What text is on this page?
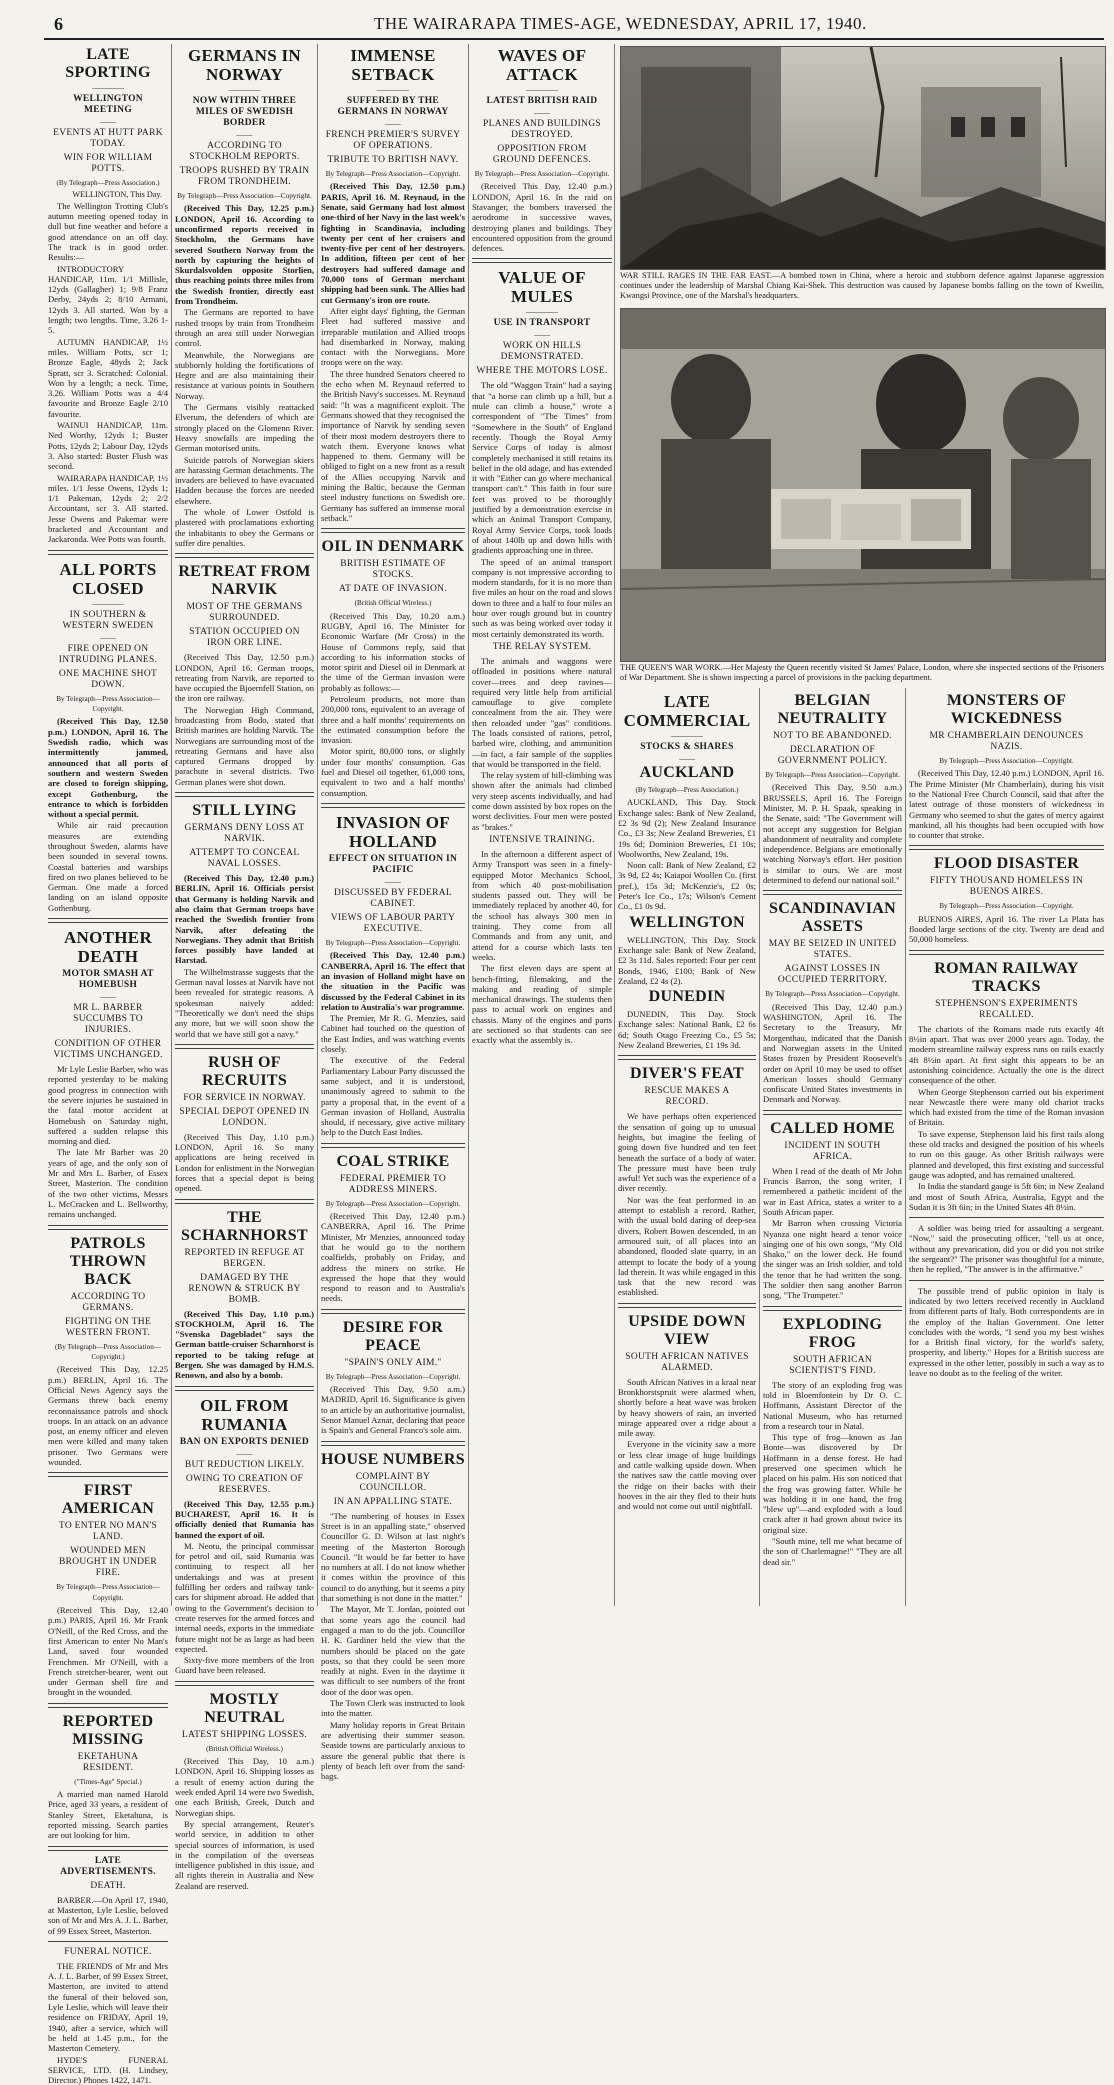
6	THE WAIRARAPA TIMES-AGE, WEDNESDAY, APRIL 17, 1940.
LATE SPORTING
————
WELLINGTON MEETING
——
EVENTS AT HUTT PARK TODAY.
WIN FOR WILLIAM POTTS.
(By Telegraph—Press Association.)
WELLINGTON, This Day.

The Wellington Trotting Club's autumn meeting opened today in dull but fine weather and before a good attendance on an off day. The track is in good order. Results:—

INTRODUCTORY HANDICAP, 11m. 1/1 Millisle, 12yds (Gallagher) 1; 9/8 Franz Derby, 24yds 2; 8/10 Armani, 12yds 3. All started. Won by a length; two lengths. Time, 3.26 1-5.

AUTUMN HANDICAP, 1½ miles. William Potts, scr 1; Bronze Eagle, 48yds 2; Jack Spratt, scr 3. Scratched: Colonial. Won by a length; a neck. Time, 3.26. William Potts was a 4/4 favourite and Bronze Eagle 2/10 favourite.

WAINUI HANDICAP, 11m. Ned Worthy, 12yds 1; Buster Potts, 12yds 2; Labour Day, 12yds 3. Also started: Buster Flush was second.

WAIRARAPA HANDICAP, 1½ miles. 1/1 Jesse Owens, 12yds 1; 1/1 Pakeman, 12yds 2; 2/2 Accountant, scr 3. All started. Jesse Owens and Pakemar were bracketed and Accountant and Jackaronda. Wee Potts was fourth.

ALL PORTS CLOSED
————
IN SOUTHERN & WESTERN SWEDEN
——
FIRE OPENED ON INTRUDING PLANES.
ONE MACHINE SHOT DOWN.
By Telegraph—Press Association—Copyright.

(Received This Day, 12.50 p.m.) LONDON, April 16. The Swedish radio, which was intermittently jammed, announced that all ports of southern and western Sweden are closed to foreign shipping, except Gothenburg, the entrance to which is forbidden without a special permit.

While air raid precaution measures are extending throughout Sweden, alarms have been sounded in several towns. Coastal batteries and warships fired on two planes believed to be German. One made a forced landing on an island opposite Gothenburg.

ANOTHER DEATH
MOTOR SMASH AT HOMEBUSH
——
MR L. BARBER SUCCUMBS TO INJURIES.
CONDITION OF OTHER VICTIMS UNCHANGED.

Mr Lyle Leslie Barber, who was reported yesterday to be making good progress in connection with the severe injuries he sustained in the fatal motor accident at Homebush on Saturday night, suffered a sudden relapse this morning and died.

The late Mr Barber was 20 years of age, and the only son of Mr and Mrs L. Barber, of Essex Street, Masterton. The condition of the two other victims, Messrs L. McCracken and L. Bellworthy, remains unchanged.

PATROLS THROWN BACK
ACCORDING TO GERMANS.
FIGHTING ON THE WESTERN FRONT.
(By Telegraph—Press Association—Copyright.)

(Received This Day, 12.25 p.m.) BERLIN, April 16. The Official News Agency says the Germans threw back enemy reconnaissance patrols and shock troops. In an attack on an advance post, an enemy officer and eleven men were killed and many taken prisoner. Two Germans were wounded.

FIRST AMERICAN
TO ENTER NO MAN'S LAND.
WOUNDED MEN BROUGHT IN UNDER FIRE.
By Telegraph—Press Association—Copyright.

(Received This Day, 12.40 p.m.) PARIS, April 16. Mr Frank O'Neill, of the Red Cross, and the first American to enter No Man's Land, saved four wounded Frenchmen. Mr O'Neill, with a French stretcher-bearer, went out under German shell fire and brought in the wounded.

REPORTED MISSING
EKETAHUNA RESIDENT.
("Times-Age" Special.)

A married man named Harold Price, aged 33 years, a resident of Stanley Street, Eketahuna, is reported missing. Search parties are out looking for him.

LATE ADVERTISEMENTS.
DEATH.

BARBER.—On April 17, 1940, at Masterton, Lyle Leslie, beloved son of Mr and Mrs A. J. L. Barber, of 99 Essex Street, Masterton.

FUNERAL NOTICE.

THE FRIENDS of Mr and Mrs A. J. L. Barber, of 99 Essex Street, Masterton, are invited to attend the funeral of their beloved son, Lyle Leslie, which will leave their residence on FRIDAY, April 19, 1940, after a service, which will be held at 1.45 p.m., for the Masterton Cemetery.

HYDE'S FUNERAL SERVICE, LTD. (H. Lindsey, Director.) Phones 1422, 1471.

GERMANS IN NORWAY
————
NOW WITHIN THREE MILES OF SWEDISH BORDER
——
ACCORDING TO STOCKHOLM REPORTS.
TROOPS RUSHED BY TRAIN FROM TRONDHEIM.
By Telegraph—Press Association—Copyright.

(Received This Day, 12.25 p.m.) LONDON, April 16. According to unconfirmed reports received in Stockholm, the Germans have severed Southern Norway from the north by capturing the heights of Skurdalsvolden opposite Storlien, thus reaching points three miles from the Swedish frontier, directly east from Trondheim.

The Germans are reported to have rushed troops by train from Trondheim through an area still under Norwegian control.

Meanwhile, the Norwegians are stubbornly holding the fortifications of Hegre and are also maintaining their resistance at various points in Southern Norway.

The Germans visibly reattacked Elverum, the defenders of which are strongly placed on the Glomenn River. Heavy snowfalls are impeding the German motorised units.

Suicide patrols of Norwegian skiers are harassing German detachments. The invaders are believed to have evacuated Hadden because the forces are needed elsewhere.

The whole of Lower Ostfold is plastered with proclamations exhorting the inhabitants to obey the Germans or suffer dire penalties.

RETREAT FROM NARVIK
MOST OF THE GERMANS SURROUNDED.
STATION OCCUPIED ON IRON ORE LINE.

(Received This Day, 12.50 p.m.) LONDON, April 16. German troops, retreating from Narvik, are reported to have occupied the Bjoernfell Station, on the iron ore railway.

The Norwegian High Command, broadcasting from Bodo, stated that British marines are holding Narvik. The Norwegians are surrounding most of the retreating Germans and have also captured Germans dropped by parachute in several districts. Two German planes were shot down.

STILL LYING
GERMANS DENY LOSS AT NARVIK.
ATTEMPT TO CONCEAL NAVAL LOSSES.

(Received This Day, 12.40 p.m.) BERLIN, April 16. Officials persist that Germany is holding Narvik and also claim that German troops have reached the Swedish frontier from Narvik, after defeating the Norwegians. They admit that British forces possibly have landed at Harstad.

The Wilhelmstrasse suggests that the German naval losses at Narvik have not been revealed for strategic reasons. A spokesman naively added: "Theoretically we don't need the ships any more, but we will soon show the world that we have still got a navy."

RUSH OF RECRUITS
FOR SERVICE IN NORWAY.
SPECIAL DEPOT OPENED IN LONDON.

(Received This Day, 1.10 p.m.) LONDON, April 16. So many applications are being received in London for enlistment in the Norwegian forces that a special depot is being opened.

THE SCHARNHORST
REPORTED IN REFUGE AT BERGEN.
DAMAGED BY THE RENOWN & STRUCK BY BOMB.

(Received This Day, 1.10 p.m.) STOCKHOLM, April 16. The "Svenska Dagebladet" says the German battle-cruiser Scharnhorst is reported to be taking refuge at Bergen. She was damaged by H.M.S. Renown, and also by a bomb.

OIL FROM RUMANIA
BAN ON EXPORTS DENIED
——
BUT REDUCTION LIKELY.
OWING TO CREATION OF RESERVES.

(Received This Day, 12.55 p.m.) BUCHAREST, April 16. It is officially denied that Rumania has banned the export of oil.

M. Neotu, the principal commissar for petrol and oil, said Rumania was continuing to respect all her undertakings and was at present fulfilling her orders and railway tank-cars for shipment abroad. He added that owing to the Government's decision to create reserves for the armed forces and internal needs, exports in the immediate future might not be as large as had been expected.

Sixty-five more members of the Iron Guard have been released.

MOSTLY NEUTRAL
LATEST SHIPPING LOSSES.
(British Official Wireless.)

(Received This Day, 10 a.m.) LONDON, April 16. Shipping losses as a result of enemy action during the week ended April 14 were two Swedish, one each British, Greek, Dutch and Norwegian ships.

By special arrangement, Reuter's world service, in addition to other special sources of information, is used in the compilation of the overseas intelligence published in this issue, and all rights therein in Australia and New Zealand are reserved.

IMMENSE SETBACK
————
SUFFERED BY THE GERMANS IN NORWAY
——
FRENCH PREMIER'S SURVEY OF OPERATIONS.
TRIBUTE TO BRITISH NAVY.
By Telegraph—Press Association—Copyright.

(Received This Day, 12.50 p.m.) PARIS, April 16. M. Reynaud, in the Senate, said Germany had lost almost one-third of her Navy in the last week's fighting in Scandinavia, including twenty per cent of her cruisers and twenty-five per cent of her destroyers. In addition, fifteen per cent of her destroyers had suffered damage and 70,000 tons of German merchant shipping had been sunk. The Allies had cut Germany's iron ore route.

After eight days' fighting, the German Fleet had suffered massive and irreparable mutilation and Allied troops had disembarked in Norway, making contact with the Norwegians. More troops were on the way.

The three hundred Senators cheered to the echo when M. Reynaud referred to the British Navy's successes. M. Reynaud said: "It was a magnificent exploit. The Germans showed that they recognised the importance of Narvik by sending seven of their most modern destroyers there to watch them. Everyone knows what happened to them. Germany will be obliged to fight on a new front as a result of the Allies occupying Narvik and mining the Baltic, because the German steel industry functions on Swedish ore. Germany has suffered an immense moral setback."

OIL IN DENMARK
BRITISH ESTIMATE OF STOCKS.
AT DATE OF INVASION.
(British Official Wireless.)

(Received This Day, 10.20 a.m.) RUGBY, April 16. The Minister for Economic Warfare (Mr Cross) in the House of Commons reply, said that according to his information stocks of motor spirit and Diesel oil in Denmark at the time of the German invasion were probably as follows:—

Petroleum products, not more than 200,000 tons, equivalent to an average of three and a half months' requirements on the estimated consumption before the invasion.

Motor spirit, 80,000 tons, or slightly under four months' consumption. Gas fuel and Diesel oil together, 61,000 tons, equivalent to two and a half months' consumption.

INVASION OF HOLLAND
EFFECT ON SITUATION IN PACIFIC
——
DISCUSSED BY FEDERAL CABINET.
VIEWS OF LABOUR PARTY EXECUTIVE.
By Telegraph—Press Association—Copyright.

(Received This Day, 12.40 p.m.) CANBERRA, April 16. The effect that an invasion of Holland might have on the situation in the Pacific was discussed by the Federal Cabinet in its relation to Australia's war programme.

The Premier, Mr R. G. Menzies, said Cabinet had touched on the question of the East Indies, and was watching events closely.

The executive of the Federal Parliamentary Labour Party discussed the same subject, and it is understood, unanimously agreed to submit to the party a proposal that, in the event of a German invasion of Holland, Australia should, if necessary, give active military help to the Dutch East Indies.

COAL STRIKE
FEDERAL PREMIER TO ADDRESS MINERS.
By Telegraph—Press Association—Copyright.

(Received This Day, 12.40 p.m.) CANBERRA, April 16. The Prime Minister, Mr Menzies, announced today that he would go to the northern coalfields, probably on Friday, and address the miners on strike. He expressed the hope that they would respond to reason and to Australia's needs.

DESIRE FOR PEACE
"SPAIN'S ONLY AIM."
By Telegraph—Press Association—Copyright.

(Received This Day, 9.50 a.m.) MADRID, April 16. Significance is given to an article by an authoritative journalist, Senor Manuel Aznar, declaring that peace is Spain's and General Franco's sole aim.

HOUSE NUMBERS
COMPLAINT BY COUNCILLOR.
IN AN APPALLING STATE.

"The numbering of houses in Essex Street is in an appalling state," observed Councillor G. D. Wilson at last night's meeting of the Masterton Borough Council. "It would be far better to have no numbers at all. I do not know whether it comes within the province of this council to do anything, but it seems a pity that something is not done in the matter."

The Mayor, Mr T. Jordan, pointed out that some years ago the council had engaged a man to do the job. Councillor H. K. Gardiner held the view that the numbers should be placed on the gate posts, so that they could be seen more readily at night. Even in the daytime it was difficult to see numbers of the front door of the door was open.

The Town Clerk was instructed to look into the matter.

Many holiday reports in Great Britain are advertising their summer season. Seaside towns are particularly anxious to assure the general public that there is plenty of beach left over from the sand-bags.

WAVES OF ATTACK
————
LATEST BRITISH RAID
——
PLANES AND BUILDINGS DESTROYED.
OPPOSITION FROM GROUND DEFENCES.
By Telegraph—Press Association—Copyright.

(Received This Day, 12.40 p.m.) LONDON, April 16. In the raid on Stavanger, the bombers traversed the aerodrome in successive waves, destroying planes and buildings. They encountered opposition from the ground defences.

VALUE OF MULES
————
USE IN TRANSPORT
——
WORK ON HILLS DEMONSTRATED.
WHERE THE MOTORS LOSE.

The old "Waggon Train" had a saying that "a horse can climb up a hill, but a mule can climb a house," wrote a correspondent of "The Times" from "Somewhere in the South" of England recently. Though the Royal Army Service Corps of today is almost completely mechanised it still retains its belief in the old adage, and has extended it with "Either can go where mechanical transport can't." This faith in four sure feet was proved to be thoroughly justified by a demonstration exercise in which an Animal Transport Company, Royal Army Service Corps, took loads of about 140lb up and down hills with gradients approaching one in three.

The speed of an animal transport company is not impressive according to modern standards, for it is no more than five miles an hour on the road and slows down to three and a half to four miles an hour over rough ground but in country such as was being worked over today it most certainly demonstrated its worth.

THE RELAY SYSTEM.

The animals and waggons were offloaded in positions where natural cover—trees and deep ravines—required very little help from artificial camouflage to give complete concealment from the air. They were then reloaded under "gas" conditions. The loads consisted of rations, petrol, barbed wire, clothing, and ammunition—in fact, a fair sample of the supplies that would be transported in the field.

The relay system of hill-climbing was shown after the animals had climbed very steep ascents individually, and had come down assisted by box ropes on the worst declivities. Four men were posted as "brakes."

INTENSIVE TRAINING.

In the afternoon a different aspect of Army Transport was seen in a finely-equipped Motor Mechanics School, from which 40 post-mobilisation students passed out. They will be immediately replaced by another 40, for the school has always 300 men in training. They come from all Commands and from any unit, and attend for a course which lasts ten weeks.

The first eleven days are spent at bench-fitting, filemaking, and the making and reading of simple mechanical drawings. The students then pass to actual work on engines and chassis. Many of the engines and parts are sectioned so that students can see exactly what the assembly is.

WAR STILL RAGES IN THE FAR EAST.—A bombed town in China, where a heroic and stubborn defence against Japanese aggression continues under the leadership of Marshal Chiang Kai-Shek. This destruction was caused by Japanese bombs falling on the town of Kweilin, Kwangsi Province, one of the Marshal's headquarters.
THE QUEEN'S WAR WORK.—Her Majesty the Queen recently visited St James' Palace, London, where she inspected sections of the Prisoners of War Department. She is shown inspecting a parcel of provisions in the packing department.
LATE COMMERCIAL
————
STOCKS & SHARES
——
AUCKLAND
(By Telegraph—Press Association.)

AUCKLAND, This Day. Stock Exchange sales: Bank of New Zealand, £2 3s 9d (2); New Zealand Insurance Co., £3 3s; New Zealand Breweries, £1 19s 6d; Dominion Breweries, £1 10s; Woolworths, New Zealand, 19s.

Noon call: Bank of New Zealand, £2 3s 9d, £2 4s; Kaiapoi Woollen Co. (first pref.), 15s 3d; McKenzie's, £2 0s; Peter's Ice Co., 17s; Wilson's Cement Co., £1 0s 9d.

WELLINGTON

WELLINGTON, This Day. Stock Exchange sale: Bank of New Zealand, £2 3s 11d. Sales reported: Four per cent Bonds, 1946, £100; Bank of New Zealand, £2 4s (2).

DUNEDIN

DUNEDIN, This Day. Stock Exchange sales: National Bank, £2 6s 6d; South Otago Freezing Co., £5 5s; New Zealand Breweries, £1 19s 3d.

DIVER'S FEAT
RESCUE MAKES A RECORD.

We have perhaps often experienced the sensation of going up to unusual heights, but imagine the feeling of going down five hundred and ten feet beneath the surface of a body of water. The pressure must have been truly awful! Yet such was the experience of a diver recently.

Nor was the feat performed in an attempt to establish a record. Rather, with the usual bold daring of deep-sea divers, Robert Bowen descended, in an armoured suit, of all places into an abandoned, flooded slate quarry, in an attempt to locate the body of a young lad therein. It was while engaged in this task that the new record was established.

UPSIDE DOWN VIEW
SOUTH AFRICAN NATIVES ALARMED.

South African Natives in a kraal near Bronkhorstspruit were alarmed when, shortly before a heat wave was broken by heavy showers of rain, an inverted mirage appeared over a ridge about a mile away.

Everyone in the vicinity saw a more or less clear image of huge buildings and cattle walking upside down. When the natives saw the cattle moving over the ridge on their backs with their hooves in the air they fled to their huts and would not come out until nightfall.

BELGIAN NEUTRALITY
NOT TO BE ABANDONED.
DECLARATION OF GOVERNMENT POLICY.
By Telegraph—Press Association—Copyright.

(Received This Day, 9.50 a.m.) BRUSSELS, April 16. The Foreign Minister, M. P. H. Spaak, speaking in the Senate, said: "The Government will not accept any suggestion for Belgian abandonment of neutrality and complete independence. Belgians are emotionally watching Norway's effort. Her position is similar to ours. We are most determined to defend our national soil."

SCANDINAVIAN ASSETS
MAY BE SEIZED IN UNITED STATES.
AGAINST LOSSES IN OCCUPIED TERRITORY.
By Telegraph—Press Association—Copyright.

(Received This Day, 12.40 p.m.) WASHINGTON, April 16. The Secretary to the Treasury, Mr Morgenthau, indicated that the Danish and Norwegian assets in the United States frozen by President Roosevelt's order on April 10 may be used to offset American losses should Germany confiscate United States investments in Denmark and Norway.

CALLED HOME
INCIDENT IN SOUTH AFRICA.

When I read of the death of Mr John Francis Barron, the song writer, I remembered a pathetic incident of the war in East Africa, states a writer to a South African paper.

Mr Barron when crossing Victoria Nyanza one night heard a tenor voice singing one of his own songs, "My Old Shako," on the lower deck. He found the singer was an Irish soldier, and told the tenor that he had written the song. The soldier then sang another Barron song, "The Trumpeter."

EXPLODING FROG
SOUTH AFRICAN SCIENTIST'S FIND.

The story of an exploding frog was told in Bloemfontein by Dr O. C. Hoffmann, Assistant Director of the National Museum, who has returned from a research tour in Natal.

This type of frog—known as Jan Bonte—was discovered by Dr Hoffmann in a dense forest. He had preserved one specimen which he placed on his palm. His son noticed that the frog was growing fatter. While he was holding it in one hand, the frog "blew up"—and exploded with a loud crack after it had grown about twice its original size.

"South mine, tell me what became of the son of Charlemagne!" "They are all dead sir."

MONSTERS OF WICKEDNESS
MR CHAMBERLAIN DENOUNCES NAZIS.
By Telegraph—Press Association—Copyright.

(Received This Day, 12.40 p.m.) LONDON, April 16. The Prime Minister (Mr Chamberlain), during his visit to the National Free Church Council, said that after the latest outrage of those monsters of wickedness in Germany who seemed to shut the gates of mercy against mankind, all his thoughts had been occupied with how to counter that stroke.

FLOOD DISASTER
FIFTY THOUSAND HOMELESS IN BUENOS AIRES.
By Telegraph—Press Association—Copyright.

BUENOS AIRES, April 16. The river La Plata has flooded large sections of the city. Twenty are dead and 50,000 homeless.

ROMAN RAILWAY TRACKS
STEPHENSON'S EXPERIMENTS RECALLED.

The chariots of the Romans made ruts exactly 4ft 8½in apart. That was over 2000 years ago. Today, the modern streamline railway express runs on rails exactly 4ft 8½in apart. At first sight this appears to be an astonishing coincidence. Actually the one is the direct consequence of the other.

When George Stephenson carried out his experiment near Newcastle there were many old chariot tracks which had existed from the time of the Roman invasion of Britain.

To save expense, Stephenson laid his first rails along these old tracks and designed the position of his wheels to run on this gauge. As other British railways were planned and developed, this first existing and successful gauge was adopted, and has remained unaltered.

In India the standard gauge is 5ft 6in; in New Zealand and most of South Africa, Australia, Egypt and the Sudan it is 3ft 6in; in the United States 4ft 8½in.

A soldier was being tried for assaulting a sergeant. "Now," said the prosecuting officer, "tell us at once, without any prevarication, did you or did you not strike the sergeant?" The prisoner was thoughtful for a minute, then he replied, "The answer is in the affirmative."

The possible trend of public opinion in Italy is indicated by two letters received recently in Auckland from different parts of Italy. Both correspondents are in the employ of the Italian Government. One letter concludes with the words, "I send you my best wishes for a British final victory, for the world's safety, prosperity, and liberty." Hopes for a British success are expressed in the other letter, possibly in such a way as to leave no doubt as to the feeling of the writer.
